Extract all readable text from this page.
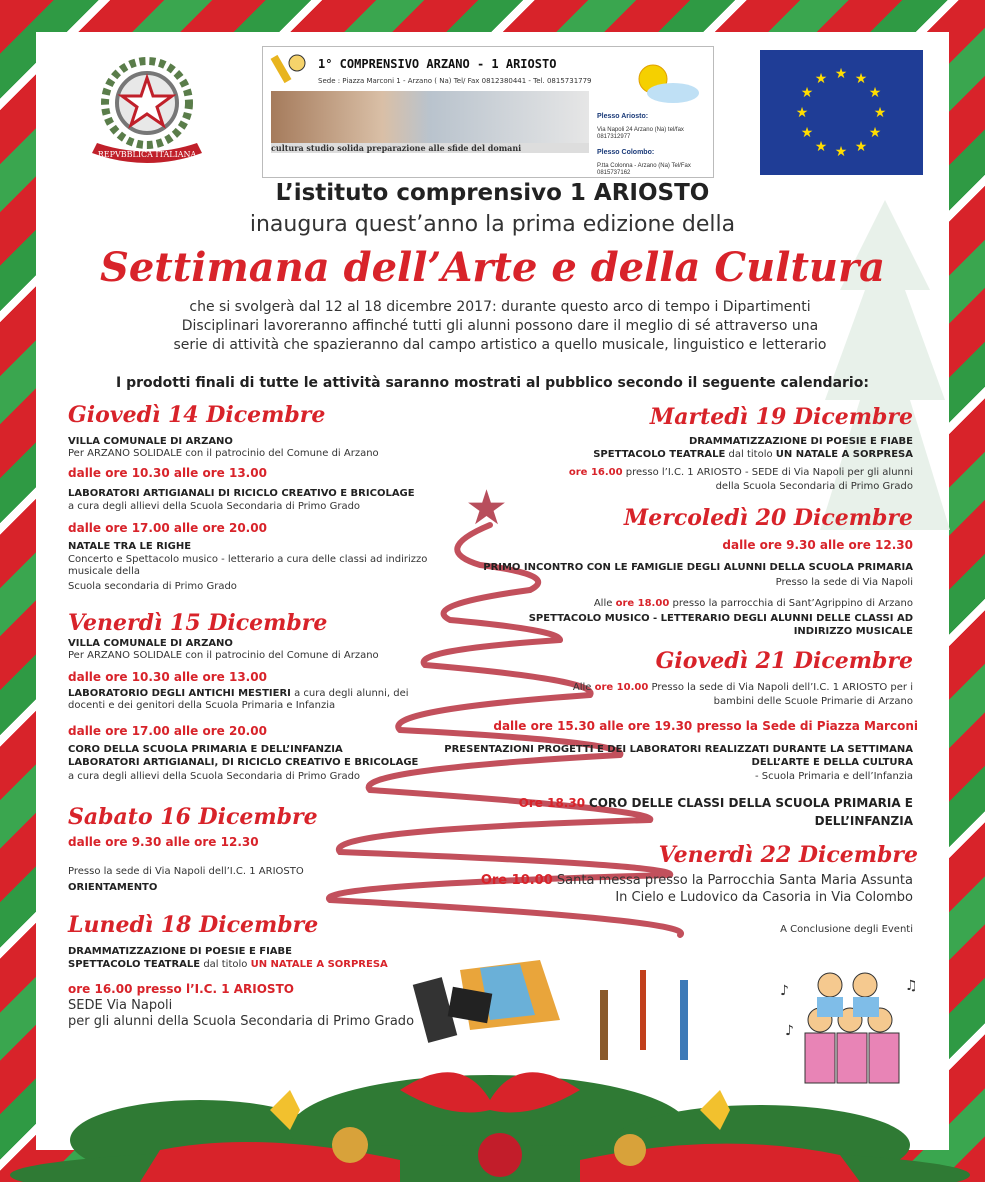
REPVBBLICA ITALIANA
★ ★
★
★
★
★
★
★
★
★
★
★
1° COMPRENSIVO ARZANO - 1 ARIOSTO
Sede : Piazza Marconi 1 - Arzano ( Na) Tel/ Fax 0812380441 - Tel. 0815731779
cultura studio solida preparazione alle sfide del domani
Plesso Ariosto:
Via Napoli 24 Arzano (Na) tel/fax 0817312977
Plesso Colombo:
P.tta Colonna - Arzano (Na) Tel/Fax 0815737162
L’istituto comprensivo 1 ARIOSTO
inaugura quest’anno la prima edizione della
Settimana dell’Arte e della Cultura
che si svolgerà dal 12 al 18 dicembre 2017: durante questo arco di tempo i Dipartimenti Disciplinari lavoreranno affinché tutti gli alunni possono dare il meglio di sé attraverso una serie di attività che spazieranno dal campo artistico a quello musicale, linguistico e letterario
I prodotti finali di tutte le attività saranno mostrati al pubblico secondo il seguente calendario:
★
Giovedì 14 Dicembre
VILLA COMUNALE DI ARZANO
Per ARZANO SOLIDALE con il patrocinio del Comune di Arzano
dalle ore 10.30 alle ore 13.00
LABORATORI ARTIGIANALI DI RICICLO CREATIVO E BRICOLAGE
a cura degli allievi della Scuola Secondaria di Primo Grado
dalle ore 17.00 alle ore 20.00
NATALE TRA LE RIGHE
Concerto e Spettacolo musico - letterario a cura delle classi ad indirizzo musicale della
Scuola secondaria di Primo Grado
Venerdì 15 Dicembre
VILLA COMUNALE DI ARZANO
Per ARZANO SOLIDALE con il patrocinio del Comune di Arzano
dalle ore 10.30 alle ore 13.00
LABORATORIO DEGLI ANTICHI MESTIERI a cura degli alunni, dei docenti e dei genitori della Scuola Primaria e Infanzia
dalle ore 17.00 alle ore 20.00
CORO DELLA SCUOLA PRIMARIA E DELL’INFANZIA
LABORATORI ARTIGIANALI, DI RICICLO CREATIVO E BRICOLAGE
a cura degli allievi della Scuola Secondaria di Primo Grado
Sabato 16 Dicembre
dalle ore 9.30 alle ore 12.30
Presso la sede di Via Napoli dell’I.C. 1 ARIOSTO
ORIENTAMENTO
Lunedì 18 Dicembre
DRAMMATIZZAZIONE DI POESIE E FIABE
SPETTACOLO TEATRALE dal titolo UN NATALE A SORPRESA
ore 16.00 presso l’I.C. 1 ARIOSTO
SEDE Via Napoli
per gli alunni della Scuola Secondaria di Primo Grado
Martedì 19 Dicembre
DRAMMATIZZAZIONE DI POESIE E FIABE
SPETTACOLO TEATRALE dal titolo UN NATALE A SORPRESA
ore 16.00 presso l’I.C. 1 ARIOSTO - SEDE di Via Napoli per gli alunni
della Scuola Secondaria di Primo Grado
Mercoledì 20 Dicembre
dalle ore 9.30 alle ore 12.30
PRIMO INCONTRO CON LE FAMIGLIE DEGLI ALUNNI DELLA SCUOLA PRIMARIA
Presso la sede di Via Napoli
Alle ore 18.00 presso la parrocchia di Sant’Agrippino di Arzano
SPETTACOLO MUSICO - LETTERARIO DEGLI ALUNNI DELLE CLASSI AD
INDIRIZZO MUSICALE
Giovedì 21 Dicembre
Alle ore 10.00 Presso la sede di Via Napoli dell’I.C. 1 ARIOSTO per i
bambini delle Scuole Primarie di Arzano
dalle ore 15.30 alle ore 19.30 presso la Sede di Piazza Marconi
PRESENTAZIONI PROGETTI E DEI LABORATORI REALIZZATI DURANTE LA SETTIMANA
DELL’ARTE E DELLA CULTURA
- Scuola Primaria e dell’Infanzia
Ore 18.30 CORO DELLE CLASSI DELLA SCUOLA PRIMARIA E
DELL’INFANZIA
Venerdì 22 Dicembre
Ore 10.00 Santa messa presso la Parrocchia Santa Maria Assunta
In Cielo e Ludovico da Casoria in Via Colombo
A Conclusione degli Eventi
♪	♫
♪
